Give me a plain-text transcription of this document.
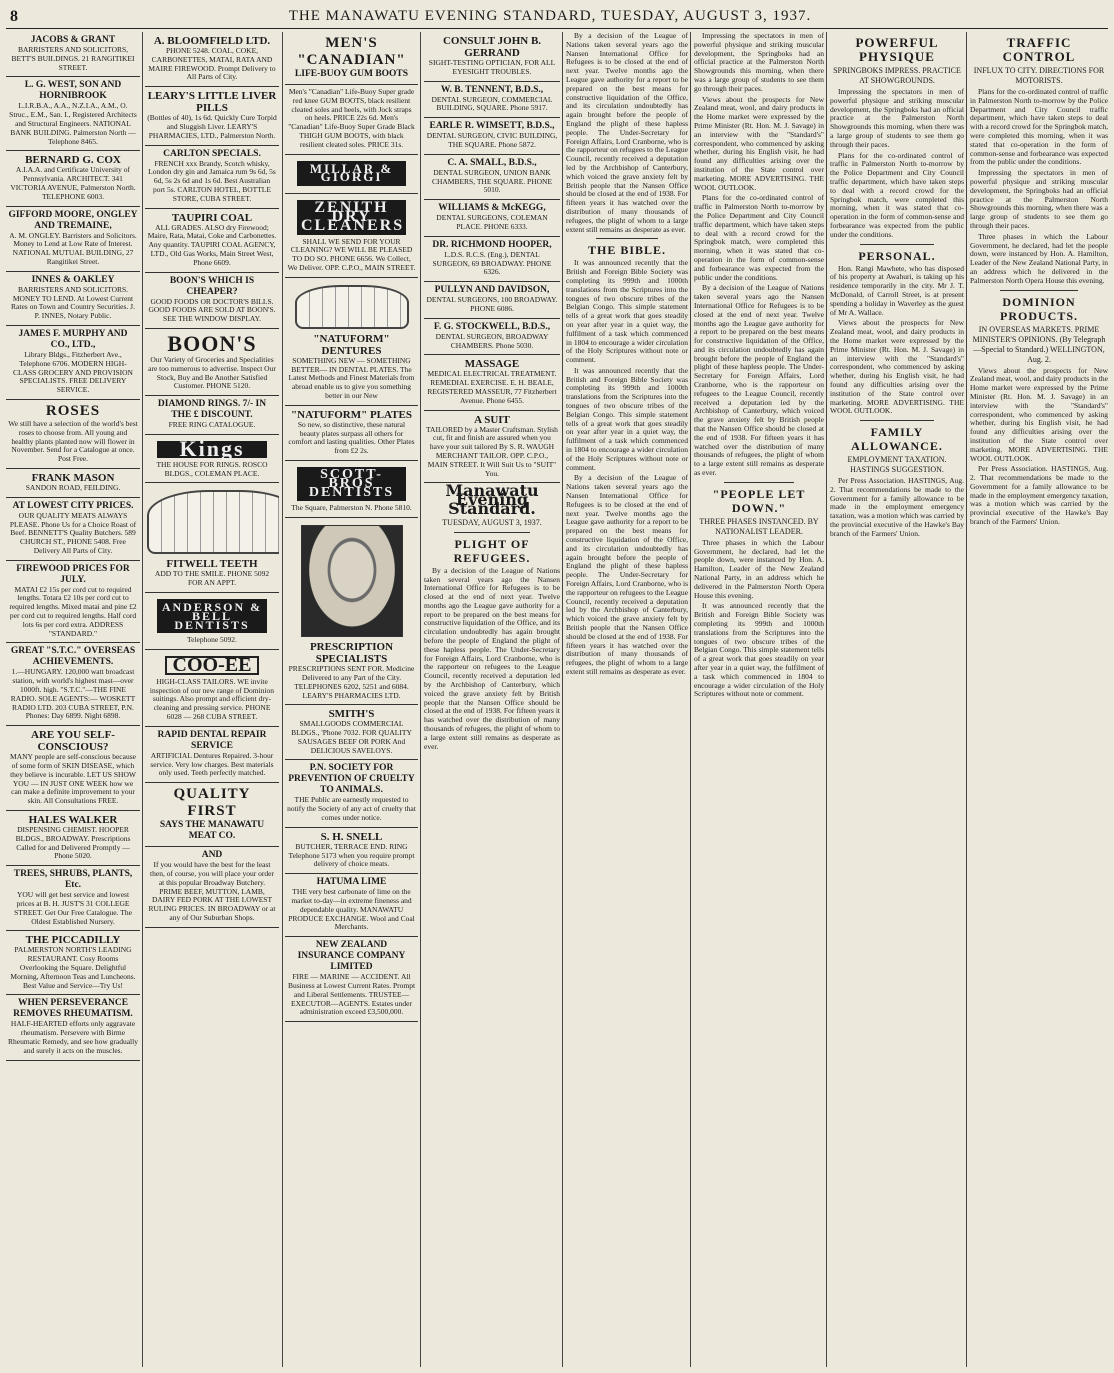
8	THE MANAWATU EVENING STANDARD, TUESDAY, AUGUST 3, 1937.
JACOBS & GRANT
BARRISTERS AND SOLICITORS, BETT'S BUILDINGS. 21 RANGITIKEI STREET.
L. G. WEST, SON AND HORNIBROOK
L.I.R.B.A., A.A., N.Z.I.A., A.M., O. Struc., E.M., San. I., Registered Architects and Structural Engineers. NATIONAL BANK BUILDING. Palmerston North — Telephone 8465.
BERNARD G. COX
A.I.A.A. and Certificate University of Pennsylvania. ARCHITECT. 341 VICTORIA AVENUE, Palmerston North. TELEPHONE 6003.
GIFFORD MOORE, ONGLEY AND TREMAINE,
A. M. ONGLEY. Barristers and Solicitors. Money to Lend at Low Rate of Interest. NATIONAL MUTUAL BUILDING, 27 Rangitikei Street.
INNES & OAKLEY
BARRISTERS AND SOLICITORS. MONEY TO LEND. At Lowest Current Rates on Town and Country Securities. J. P. INNES, Notary Public.
JAMES F. MURPHY AND CO., LTD.,
Library Bldgs., Fitzherbert Ave., Telephone 6706. MODERN HIGH-CLASS GROCERY AND PROVISION SPECIALISTS. FREE DELIVERY SERVICE.
ROSES
We still have a selection of the world's best roses to choose from. All young and healthy plants planted now will flower in November. Send for a Catalogue at once. Post Free.
FRANK MASON
SANDON ROAD, FEILDING.
AT LOWEST CITY PRICES.
OUR QUALITY MEATS ALWAYS PLEASE. Phone Us for a Choice Roast of Beef. BENNETT'S Quality Butchers. 589 CHURCH ST., PHONE 5408. Free Delivery All Parts of City.
FIREWOOD PRICES FOR JULY.
MATAI £2 15s per cord cut to required lengths. Totara £2 10s per cord cut to required lengths. Mixed matai and pine £2 per cord cut to required lengths. Half cord lots 6s per cord extra. ADDRESS "STANDARD."
GREAT "S.T.C." OVERSEAS ACHIEVEMENTS.
1.—HUNGARY. 120,000 watt broadcast station, with world's highest mast—over 1000ft. high. "S.T.C."—THE FINE RADIO. SOLE AGENTS:— WOSKETT RADIO LTD. 203 CUBA STREET, P.N. Phones: Day 6899. Night 6898.
ARE YOU SELF-CONSCIOUS?
MANY people are self-conscious because of some form of SKIN DISEASE, which they believe is incurable. LET US SHOW YOU — IN JUST ONE WEEK how we can make a definite improvement to your skin. All Consultations FREE.
HALES WALKER
DISPENSING CHEMIST. HOOPER BLDGS., BROADWAY. Prescriptions Called for and Delivered Promptly — Phone 5020.
TREES, SHRUBS, PLANTS, Etc.
YOU will get best service and lowest prices at B. H. JUST'S 31 COLLEGE STREET. Get Our Free Catalogue. The Oldest Established Nursery.
THE PICCADILLY
PALMERSTON NORTH'S LEADING RESTAURANT. Cosy Rooms Overlooking the Square. Delightful Morning, Afternoon Teas and Luncheons. Best Value and Service—Try Us!
WHEN PERSEVERANCE REMOVES RHEUMATISM.
HALF-HEARTED efforts only aggravate rheumatism. Persevere with Birme Rheumatic Remedy, and see how gradually and surely it acts on the muscles.
A. BLOOMFIELD LTD.
PHONE 5248. COAL, COKE, CARBONETTES, MATAI, RATA AND MAIRE FIREWOOD. Prompt Delivery to All Parts of City.
LEARY'S LITTLE LIVER PILLS
(Bottles of 40), 1s 6d. Quickly Cure Torpid and Sluggish Liver. LEARY'S PHARMACIES, LTD., Palmerston North.
CARLTON SPECIALS.
FRENCH xxx Brandy, Scotch whisky, London dry gin and Jamaica rum 9s 6d, 5s 6d, 5s 2s 6d and 1s 6d. Best Australian port 5s. CARLTON HOTEL, BOTTLE STORE, CUBA STREET.
TAUPIRI COAL
ALL GRADES. ALSO dry Firewood; Maire, Rata, Matai, Coke and Carbonettes. Any quantity. TAUPIRI COAL AGENCY, LTD., Old Gas Works, Main Street West, Phone 6609.
BOON'S WHICH IS CHEAPER?
GOOD FOODS OR DOCTOR'S BILLS. GOOD FOODS ARE SOLD AT BOON'S. SEE THE WINDOW DISPLAY.
BOON'S
Our Variety of Groceries and Specialities are too numerous to advertise. Inspect Our Stock, Buy and Be Another Satisfied Customer. PHONE 5120.
DIAMOND RINGS. 7/- IN THE £ DISCOUNT.
FREE RING CATALOGUE.
Kings
THE HOUSE FOR RINGS. ROSCO BLDGS., COLEMAN PLACE.
FITWELL TEETH
ADD TO THE SMILE. PHONE 5092 FOR AN APPT.
ANDERSON & BELL DENTISTS
Telephone 5092.
COO-EE
HIGH-CLASS TAILORS. WE invite inspection of our new range of Dominion suitings. Also prompt and efficient dry-cleaning and pressing service. PHONE 6028 — 268 CUBA STREET.
RAPID DENTAL REPAIR SERVICE
ARTIFICIAL Dentures Repaired. 3-hour service. Very low charges. Best materials only used. Teeth perfectly matched.
QUALITY FIRST
SAYS THE MANAWATU MEAT CO.
AND
If you would have the best for the least then, of course, you will place your order at this popular Broadway Butchery. PRIME BEEF, MUTTON, LAMB, DAIRY FED PORK AT THE LOWEST RULING PRICES. IN BROADWAY or at any of Our Suburban Shops.
MEN'S "CANADIAN"
LIFE-BUOY GUM BOOTS
Men's "Canadian" Life-Buoy Super grade red knee GUM BOOTS, black resilient cleated soles and heels, with Jock straps on heels. PRICE 22s 6d. Men's "Canadian" Life-Buoy Super Grade Black THIGH GUM BOOTS, with black resilient cleated soles. PRICE 31s.
MILLAR & GIORGI
ZENITH DRY CLEANERS
SHALL WE SEND FOR YOUR CLEANING? WE WILL BE PLEASED TO DO SO. PHONE 6656. We Collect, We Deliver. OPP. C.P.O., MAIN STREET.
"NATUFORM" DENTURES
SOMETHING NEW — SOMETHING BETTER— IN DENTAL PLATES. The Latest Methods and Finest Materials from abroad enable us to give you something better in our New
"NATUFORM" PLATES
So new, so distinctive, these natural beauty plates surpass all others for comfort and lasting qualities. Other Plates from £2 2s.
SCOTT-BROS DENTISTS
The Square, Palmerston N. Phone 5810.
PRESCRIPTION SPECIALISTS
PRESCRIPTIONS SENT FOR. Medicine Delivered to any Part of the City. TELEPHONES 6202, 5251 and 6084. LEARY'S PHARMACIES LTD.
SMITH'S
SMALLGOODS COMMERCIAL BLDGS., 'Phone 7032. FOR QUALITY SAUSAGES BEEF OR PORK And DELICIOUS SAVELOYS.
P.N. SOCIETY FOR PREVENTION OF CRUELTY TO ANIMALS.
THE Public are earnestly requested to notify the Society of any act of cruelty that comes under notice.
S. H. SNELL
BUTCHER, TERRACE END. RING Telephone 5173 when you require prompt delivery of choice meats.
HATUMA LIME
THE very best carbonate of lime on the market to-day—in extreme fineness and dependable quality. MANAWATU PRODUCE EXCHANGE. Wool and Coal Merchants.
NEW ZEALAND INSURANCE COMPANY LIMITED
FIRE — MARINE — ACCIDENT. All Business at Lowest Current Rates. Prompt and Liberal Settlements. TRUSTEE—EXECUTOR—AGENTS. Estates under administration exceed £3,500,000.
CONSULT JOHN B. GERRAND
SIGHT-TESTING OPTICIAN, FOR ALL EYESIGHT TROUBLES.
W. B. TENNENT, B.D.S.,
DENTAL SURGEON, COMMERCIAL BUILDING, SQUARE. Phone 5917.
EARLE R. WIMSETT, B.D.S.,
DENTAL SURGEON, CIVIC BUILDING, THE SQUARE. Phone 5872.
C. A. SMALL, B.D.S.,
DENTAL SURGEON, UNION BANK CHAMBERS, THE SQUARE. PHONE 5010.
WILLIAMS & McKEGG,
DENTAL SURGEONS, COLEMAN PLACE. PHONE 6333.
DR. RICHMOND HOOPER,
L.D.S. R.C.S. (Eng.), DENTAL SURGEON, 69 BROADWAY. PHONE 6326.
PULLYN AND DAVIDSON,
DENTAL SURGEONS, 100 BROADWAY. PHONE 6086.
F. G. STOCKWELL, B.D.S.,
DENTAL SURGEON, BROADWAY CHAMBERS. Phone 5030.
MASSAGE
MEDICAL ELECTRICAL TREATMENT. REMEDIAL EXERCISE. E. H. BEALE, REGISTERED MASSEUR, 77 Fitzherbert Avenue. Phone 6455.
A SUIT
TAILORED by a Master Craftsman. Stylish cut, fit and finish are assured when you have your suit tailored By S. R. WAUGH MERCHANT TAILOR. OPP. C.P.O., MAIN STREET. It Will Suit Us to "SUIT" You.
Manawatu Evening Standard.
TUESDAY, AUGUST 3, 1937.
PLIGHT OF REFUGEES.

By a decision of the League of Nations taken several years ago the Nansen International Office for Refugees is to be closed at the end of next year. Twelve months ago the League gave authority for a report to be prepared on the best means for constructive liquidation of the Office, and its circulation undoubtedly has again brought before the people of England the plight of these hapless people. The Under-Secretary for Foreign Affairs, Lord Cranborne, who is the rapporteur on refugees to the League Council, recently received a deputation led by the Archbishop of Canterbury, which voiced the grave anxiety felt by British people that the Nansen Office should be closed at the end of 1938. For fifteen years it has watched over the distribution of many thousands of refugees, the plight of whom to a large extent still remains as desperate as ever.

By a decision of the League of Nations taken several years ago the Nansen International Office for Refugees is to be closed at the end of next year. Twelve months ago the League gave authority for a report to be prepared on the best means for constructive liquidation of the Office, and its circulation undoubtedly has again brought before the people of England the plight of these hapless people. The Under-Secretary for Foreign Affairs, Lord Cranborne, who is the rapporteur on refugees to the League Council, recently received a deputation led by the Archbishop of Canterbury, which voiced the grave anxiety felt by British people that the Nansen Office should be closed at the end of 1938. For fifteen years it has watched over the distribution of many thousands of refugees, the plight of whom to a large extent still remains as desperate as ever.

THE BIBLE.

It was announced recently that the British and Foreign Bible Society was completing its 999th and 1000th translations from the Scriptures into the tongues of two obscure tribes of the Belgian Congo. This simple statement tells of a great work that goes steadily on year after year in a quiet way, the fulfilment of a task which commenced in 1804 to encourage a wider circulation of the Holy Scriptures without note or comment.

It was announced recently that the British and Foreign Bible Society was completing its 999th and 1000th translations from the Scriptures into the tongues of two obscure tribes of the Belgian Congo. This simple statement tells of a great work that goes steadily on year after year in a quiet way, the fulfilment of a task which commenced in 1804 to encourage a wider circulation of the Holy Scriptures without note or comment.

By a decision of the League of Nations taken several years ago the Nansen International Office for Refugees is to be closed at the end of next year. Twelve months ago the League gave authority for a report to be prepared on the best means for constructive liquidation of the Office, and its circulation undoubtedly has again brought before the people of England the plight of these hapless people. The Under-Secretary for Foreign Affairs, Lord Cranborne, who is the rapporteur on refugees to the League Council, recently received a deputation led by the Archbishop of Canterbury, which voiced the grave anxiety felt by British people that the Nansen Office should be closed at the end of 1938. For fifteen years it has watched over the distribution of many thousands of refugees, the plight of whom to a large extent still remains as desperate as ever.

Impressing the spectators in men of powerful physique and striking muscular development, the Springboks had an official practice at the Palmerston North Showgrounds this morning, when there was a large group of students to see them go through their paces.

Views about the prospects for New Zealand meat, wool, and dairy products in the Home market were expressed by the Prime Minister (Rt. Hon. M. J. Savage) in an interview with the "Standard's" correspondent, who commenced by asking whether, during his English visit, he had found any difficulties arising over the institution of the State control over marketing. MORE ADVERTISING. THE WOOL OUTLOOK.

Plans for the co-ordinated control of traffic in Palmerston North to-morrow by the Police Department and City Council traffic department, which have taken steps to deal with a record crowd for the Springbok match, were completed this morning, when it was stated that co-operation in the form of common-sense and forbearance was expected from the public under the conditions.

By a decision of the League of Nations taken several years ago the Nansen International Office for Refugees is to be closed at the end of next year. Twelve months ago the League gave authority for a report to be prepared on the best means for constructive liquidation of the Office, and its circulation undoubtedly has again brought before the people of England the plight of these hapless people. The Under-Secretary for Foreign Affairs, Lord Cranborne, who is the rapporteur on refugees to the League Council, recently received a deputation led by the Archbishop of Canterbury, which voiced the grave anxiety felt by British people that the Nansen Office should be closed at the end of 1938. For fifteen years it has watched over the distribution of many thousands of refugees, the plight of whom to a large extent still remains as desperate as ever.

"PEOPLE LET DOWN."
THREE PHASES INSTANCED. BY NATIONALIST LEADER.

Three phases in which the Labour Government, he declared, had let the people down, were instanced by Hon. A. Hamilton, Leader of the New Zealand National Party, in an address which he delivered in the Palmerston North Opera House this evening.

It was announced recently that the British and Foreign Bible Society was completing its 999th and 1000th translations from the Scriptures into the tongues of two obscure tribes of the Belgian Congo. This simple statement tells of a great work that goes steadily on year after year in a quiet way, the fulfilment of a task which commenced in 1804 to encourage a wider circulation of the Holy Scriptures without note or comment.

POWERFUL PHYSIQUE
SPRINGBOKS IMPRESS. PRACTICE AT SHOWGROUNDS.

Impressing the spectators in men of powerful physique and striking muscular development, the Springboks had an official practice at the Palmerston North Showgrounds this morning, when there was a large group of students to see them go through their paces.

Plans for the co-ordinated control of traffic in Palmerston North to-morrow by the Police Department and City Council traffic department, which have taken steps to deal with a record crowd for the Springbok match, were completed this morning, when it was stated that co-operation in the form of common-sense and forbearance was expected from the public under the conditions.

PERSONAL.

Hon. Rangi Mawhete, who has disposed of his property at Awahuri, is taking up his residence temporarily in the city. Mr J. T. McDonald, of Carroll Street, is at present spending a holiday in Waverley as the guest of Mr A. Wallace.

Views about the prospects for New Zealand meat, wool, and dairy products in the Home market were expressed by the Prime Minister (Rt. Hon. M. J. Savage) in an interview with the "Standard's" correspondent, who commenced by asking whether, during his English visit, he had found any difficulties arising over the institution of the State control over marketing. MORE ADVERTISING. THE WOOL OUTLOOK.

FAMILY ALLOWANCE.
EMPLOYMENT TAXATION. HASTINGS SUGGESTION.

Per Press Association. HASTINGS, Aug. 2. That recommendations be made to the Government for a family allowance to be made in the employment emergency taxation, was a motion which was carried by the provincial executive of the Hawke's Bay branch of the Farmers' Union.

TRAFFIC CONTROL
INFLUX TO CITY. DIRECTIONS FOR MOTORISTS.

Plans for the co-ordinated control of traffic in Palmerston North to-morrow by the Police Department and City Council traffic department, which have taken steps to deal with a record crowd for the Springbok match, were completed this morning, when it was stated that co-operation in the form of common-sense and forbearance was expected from the public under the conditions.

Impressing the spectators in men of powerful physique and striking muscular development, the Springboks had an official practice at the Palmerston North Showgrounds this morning, when there was a large group of students to see them go through their paces.

Three phases in which the Labour Government, he declared, had let the people down, were instanced by Hon. A. Hamilton, Leader of the New Zealand National Party, in an address which he delivered in the Palmerston North Opera House this evening.

DOMINION PRODUCTS.
IN OVERSEAS MARKETS. PRIME MINISTER'S OPINIONS. (By Telegraph—Special to Standard.) WELLINGTON, Aug. 2.

Views about the prospects for New Zealand meat, wool, and dairy products in the Home market were expressed by the Prime Minister (Rt. Hon. M. J. Savage) in an interview with the "Standard's" correspondent, who commenced by asking whether, during his English visit, he had found any difficulties arising over the institution of the State control over marketing. MORE ADVERTISING. THE WOOL OUTLOOK.

Per Press Association. HASTINGS, Aug. 2. That recommendations be made to the Government for a family allowance to be made in the employment emergency taxation, was a motion which was carried by the provincial executive of the Hawke's Bay branch of the Farmers' Union.
